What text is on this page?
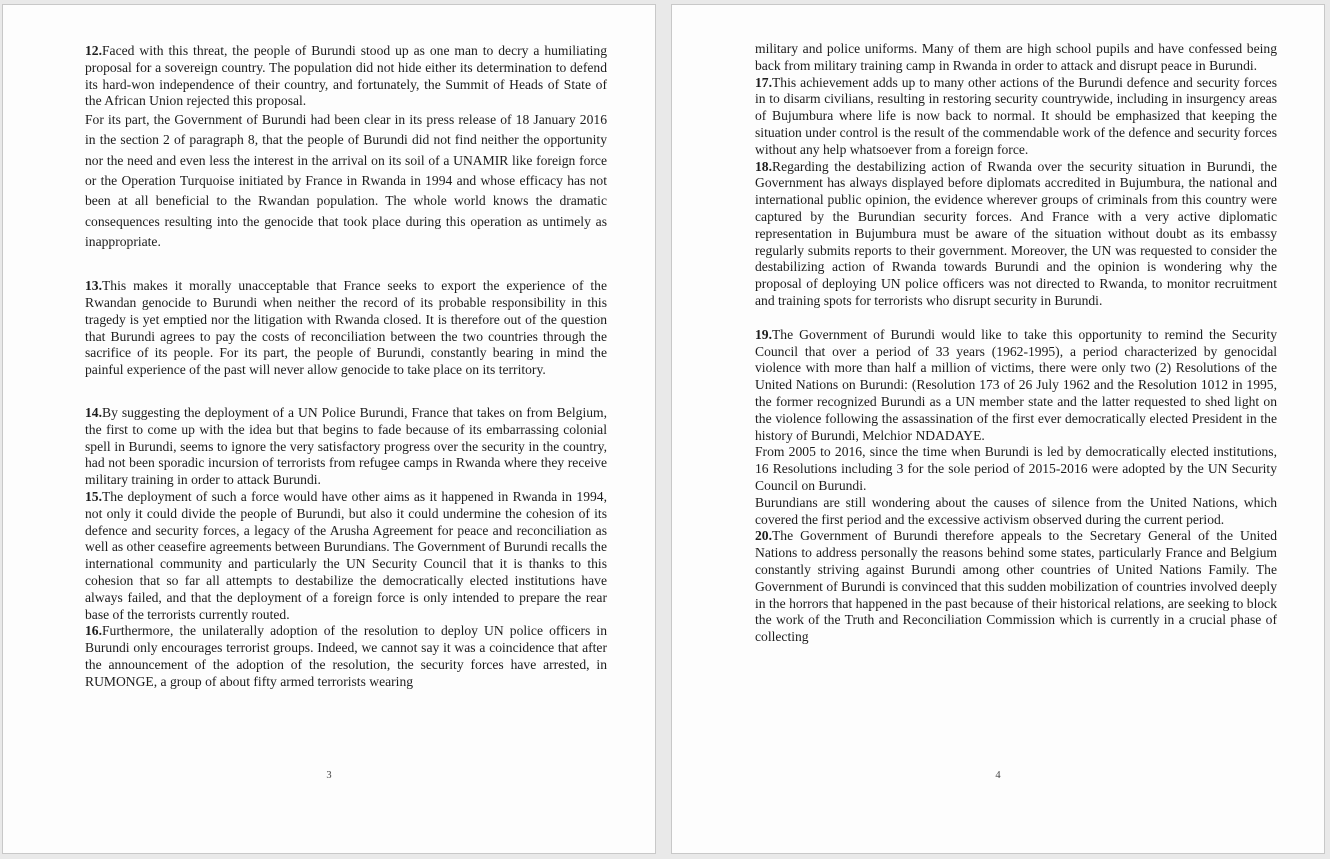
12.Faced with this threat, the people of Burundi stood up as one man to decry a humiliating proposal for a sovereign country. The population did not hide either its determination to defend its hard-won independence of their country, and fortunately, the Summit of Heads of State of the African Union rejected this proposal.

For its part, the Government of Burundi had been clear in its press release of 18 January 2016 in the section 2 of paragraph 8, that the people of Burundi did not find neither the opportunity nor the need and even less the interest in the arrival on its soil of a UNAMIR like foreign force or the Operation Turquoise initiated by France in Rwanda in 1994 and whose efficacy has not been at all beneficial to the Rwandan population. The whole world knows the dramatic consequences resulting into the genocide that took place during this operation as untimely as inappropriate.

13.This makes it morally unacceptable that France seeks to export the experience of the Rwandan genocide to Burundi when neither the record of its probable responsibility in this tragedy is yet emptied nor the litigation with Rwanda closed. It is therefore out of the question that Burundi agrees to pay the costs of reconciliation between the two countries through the sacrifice of its people. For its part, the people of Burundi, constantly bearing in mind the painful experience of the past will never allow genocide to take place on its territory.

14.By suggesting the deployment of a UN Police Burundi, France that takes on from Belgium, the first to come up with the idea but that begins to fade because of its embarrassing colonial spell in Burundi, seems to ignore the very satisfactory progress over the security in the country, had not been sporadic incursion of terrorists from refugee camps in Rwanda where they receive military training in order to attack Burundi.

15.The deployment of such a force would have other aims as it happened in Rwanda in 1994, not only it could divide the people of Burundi, but also it could undermine the cohesion of its defence and security forces, a legacy of the Arusha Agreement for peace and reconciliation as well as other ceasefire agreements between Burundians. The Government of Burundi recalls the international community and particularly the UN Security Council that it is thanks to this cohesion that so far all attempts to destabilize the democratically elected institutions have always failed, and that the deployment of a foreign force is only intended to prepare the rear base of the terrorists currently routed.

16.Furthermore, the unilaterally adoption of the resolution to deploy UN police officers in Burundi only encourages terrorist groups. Indeed, we cannot say it was a coincidence that after the announcement of the adoption of the resolution, the security forces have arrested, in RUMONGE, a group of about fifty armed terrorists wearing

3

military and police uniforms. Many of them are high school pupils and have confessed being back from military training camp in Rwanda in order to attack and disrupt peace in Burundi.

17.This achievement adds up to many other actions of the Burundi defence and security forces in to disarm civilians, resulting in restoring security countrywide, including in insurgency areas of Bujumbura where life is now back to normal. It should be emphasized that keeping the situation under control is the result of the commendable work of the defence and security forces without any help whatsoever from a foreign force.

18.Regarding the destabilizing action of Rwanda over the security situation in Burundi, the Government has always displayed before diplomats accredited in Bujumbura, the national and international public opinion, the evidence wherever groups of criminals from this country were captured by the Burundian security forces. And France with a very active diplomatic representation in Bujumbura must be aware of the situation without doubt as its embassy regularly submits reports to their government. Moreover, the UN was requested to consider the destabilizing action of Rwanda towards Burundi and the opinion is wondering why the proposal of deploying UN police officers was not directed to Rwanda, to monitor recruitment and training spots for terrorists who disrupt security in Burundi.

19.The Government of Burundi would like to take this opportunity to remind the Security Council that over a period of 33 years (1962-1995), a period characterized by genocidal violence with more than half a million of victims, there were only two (2) Resolutions of the United Nations on Burundi: (Resolution 173 of 26 July 1962 and the Resolution 1012 in 1995, the former recognized Burundi as a UN member state and the latter requested to shed light on the violence following the assassination of the first ever democratically elected President in the history of Burundi, Melchior NDADAYE.

From 2005 to 2016, since the time when Burundi is led by democratically elected institutions, 16 Resolutions including 3 for the sole period of 2015-2016 were adopted by the UN Security Council on Burundi.

Burundians are still wondering about the causes of silence from the United Nations, which covered the first period and the excessive activism observed during the current period.

20.The Government of Burundi therefore appeals to the Secretary General of the United Nations to address personally the reasons behind some states, particularly France and Belgium constantly striving against Burundi among other countries of United Nations Family. The Government of Burundi is convinced that this sudden mobilization of countries involved deeply in the horrors that happened in the past because of their historical relations, are seeking to block the work of the Truth and Reconciliation Commission which is currently in a crucial phase of collecting

4
